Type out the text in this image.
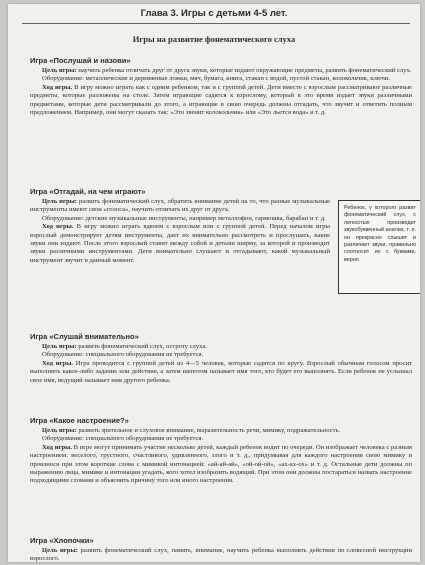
Глава 3. Игры с детьми 4-5 лет.
Игры на развитие фонематического слуха
Игра «Послушай и назови»

Цель игры: научить ребенка отличать друг от друга звуки, которые издают окружающие предметы, развить фонематический слух.

Оборудование: металлические и деревянные ложки, мяч, бумага, книга, стакан с водой, пустой стакан, колокольчик, ключи.

Ход игры. В игру можно играть как с одним ребенком, так и с группой детей. Дети вместе с взрослым рассматривают различные предметы, которые разложены на столе. Затем играющие садятся к взрослому, который в это время издает звуки различными предметами, которые дети рассматривали до этого, а играющие в свою очередь должны отгадать, что звучит и ответить полным предложением. Например, они могут сказать так: «Это звенит колокольчик» или «Это льется вода» и т. д.

Игра «Отгадай, на чем играют»

Цель игры: развить фонематический слух, обратить внимание детей на то, что разные музыкальные инструменты имеют свои «голоса», научить отличать их друг от друга.

Оборудование: детские музыкальные инструменты, например металлофон, гармошка, барабан и т. д.

Ход игры. В игру можно играть вдвоем с взрослым или с группой детей. Перед началом игры взрослый демонстрирует детям инструменты, дает их внимательно рассмотреть и прослушать, какие звуки они издают. После этого взрослый ставит между собой и детьми ширму, за которой и производит звуки различными инструментами. Дети внимательно слушают и отгадывают, какой музыкальный инструмент звучит в данный момент.

Ребенок, у которого развит фонематический слух, с легкостью производит звукобуквенный анализ, т. е. он прекрасно слышит и различает звуки, правильно соотносит их с буквами, верно
Игра «Слушай внимательно»

Цель игры: развить фонематический слух, остроту слуха.

Оборудование: специального оборудования не требуется.

Ход игры. Игра проводится с группой детей из 4—5 человек, которые садятся по кругу. Взрослый обычным голосом просит выполнить какое-либо задание или действие, а затем шепотом называет имя того, кто будет его выполнять. Если ребенок не услышал свое имя, ведущий называет имя другого ребенка.

Игра «Какое настроение?»

Цель игры: развить зрительное и слуховое внимание, выразительность речи, мимику, подражательность.

Оборудование: специального оборудования не требуется.

Ход игры. В игре могут принимать участие несколько детей, каждый ребенок водит по очереди. Он изображает человека с разным настроением: веселого, грустного, счастливого, удивленного, злого и т. д., придумывая для каждого настроения свою мимику и произнося при этом короткие слова с мимикой интонацией: «ай-ай-ай», «ой-ой-ой», «ах-ах-ох» и т. д. Остальные дети должны по выражению лица, мимике и интонации угадать, кого хотел изобразить водящий. При этом они должны постараться назвать настроение подходящими словами и объяснить причину того или иного настроения.

Игра «Хлопочки»

Цель игры: развить фонематический слух, память, внимание, научить ребенка выполнять действия по словесной инструкции взрослого.
